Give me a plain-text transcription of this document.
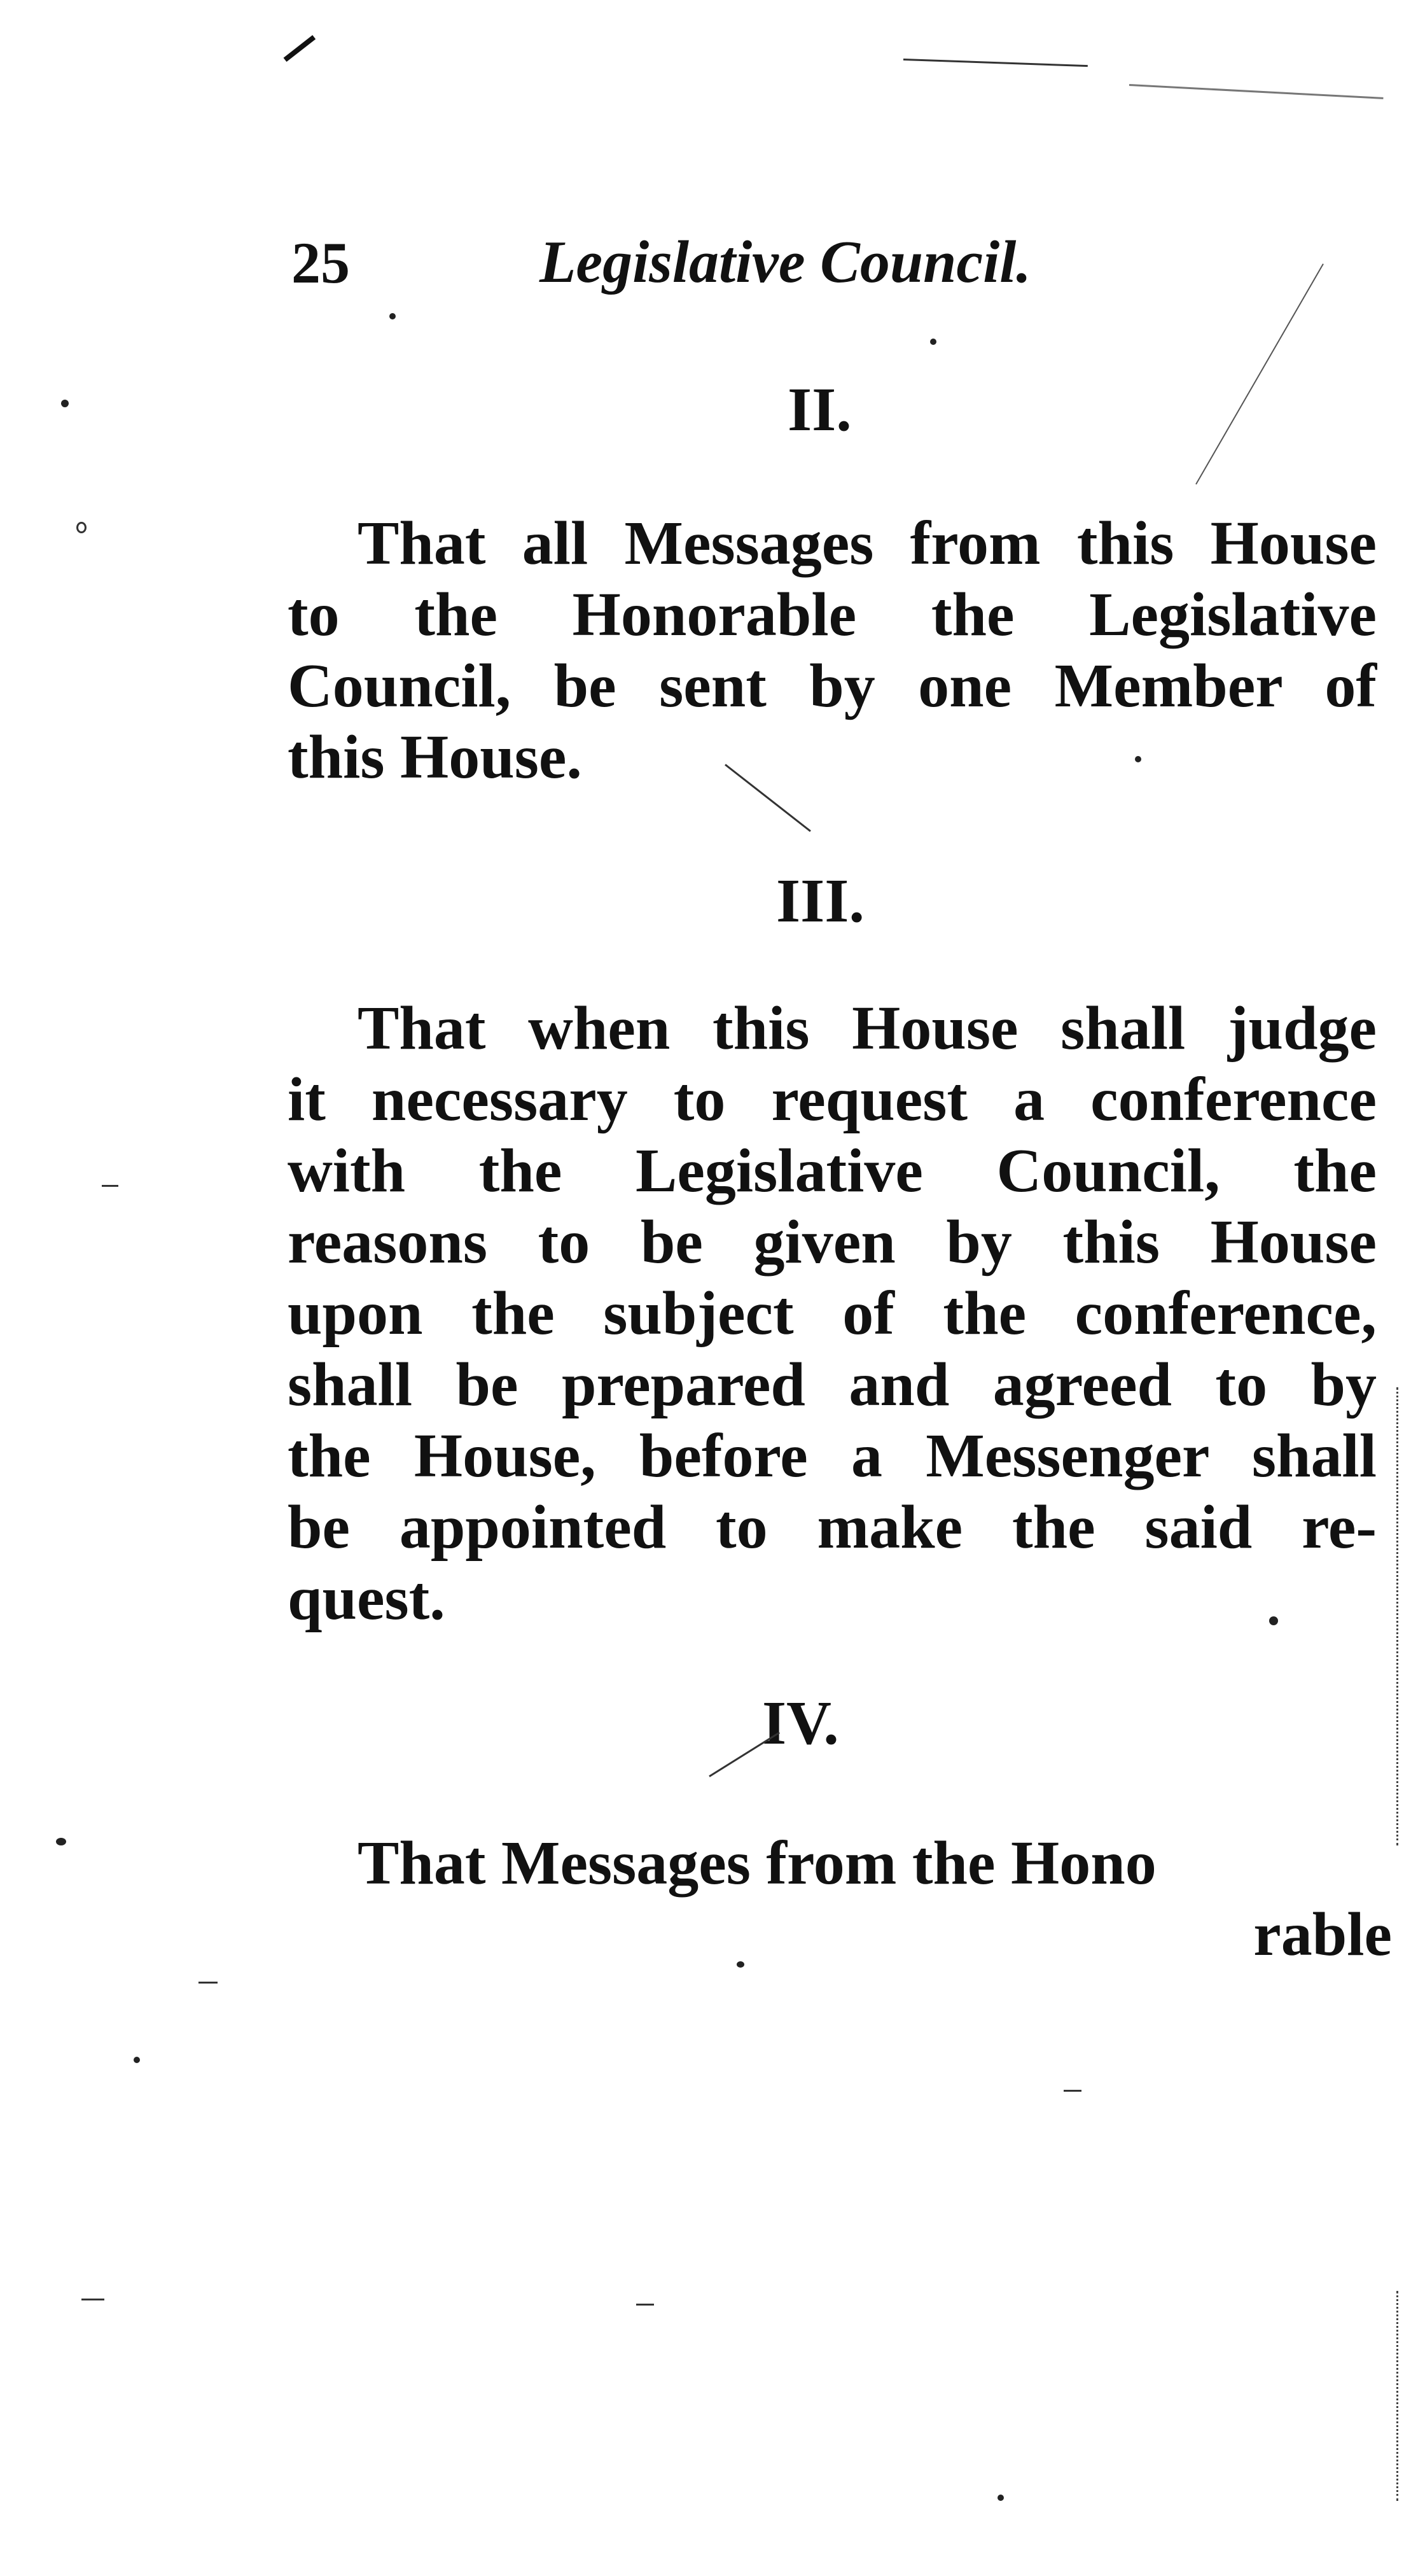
25	Legislative Council.
II.
That all Messages from this House
to the Honorable the Legislative
Council, be sent by one Member of
this House.
III.
That when this House shall judge
it necessary to request a conference
with the Legislative Council, the
reasons to be given by this House
upon the subject of the conference,
shall be prepared and agreed to by
the House, before a Messenger shall
be appointed to make the said re-
quest.
IV.
That Messages from the Hono
rable
